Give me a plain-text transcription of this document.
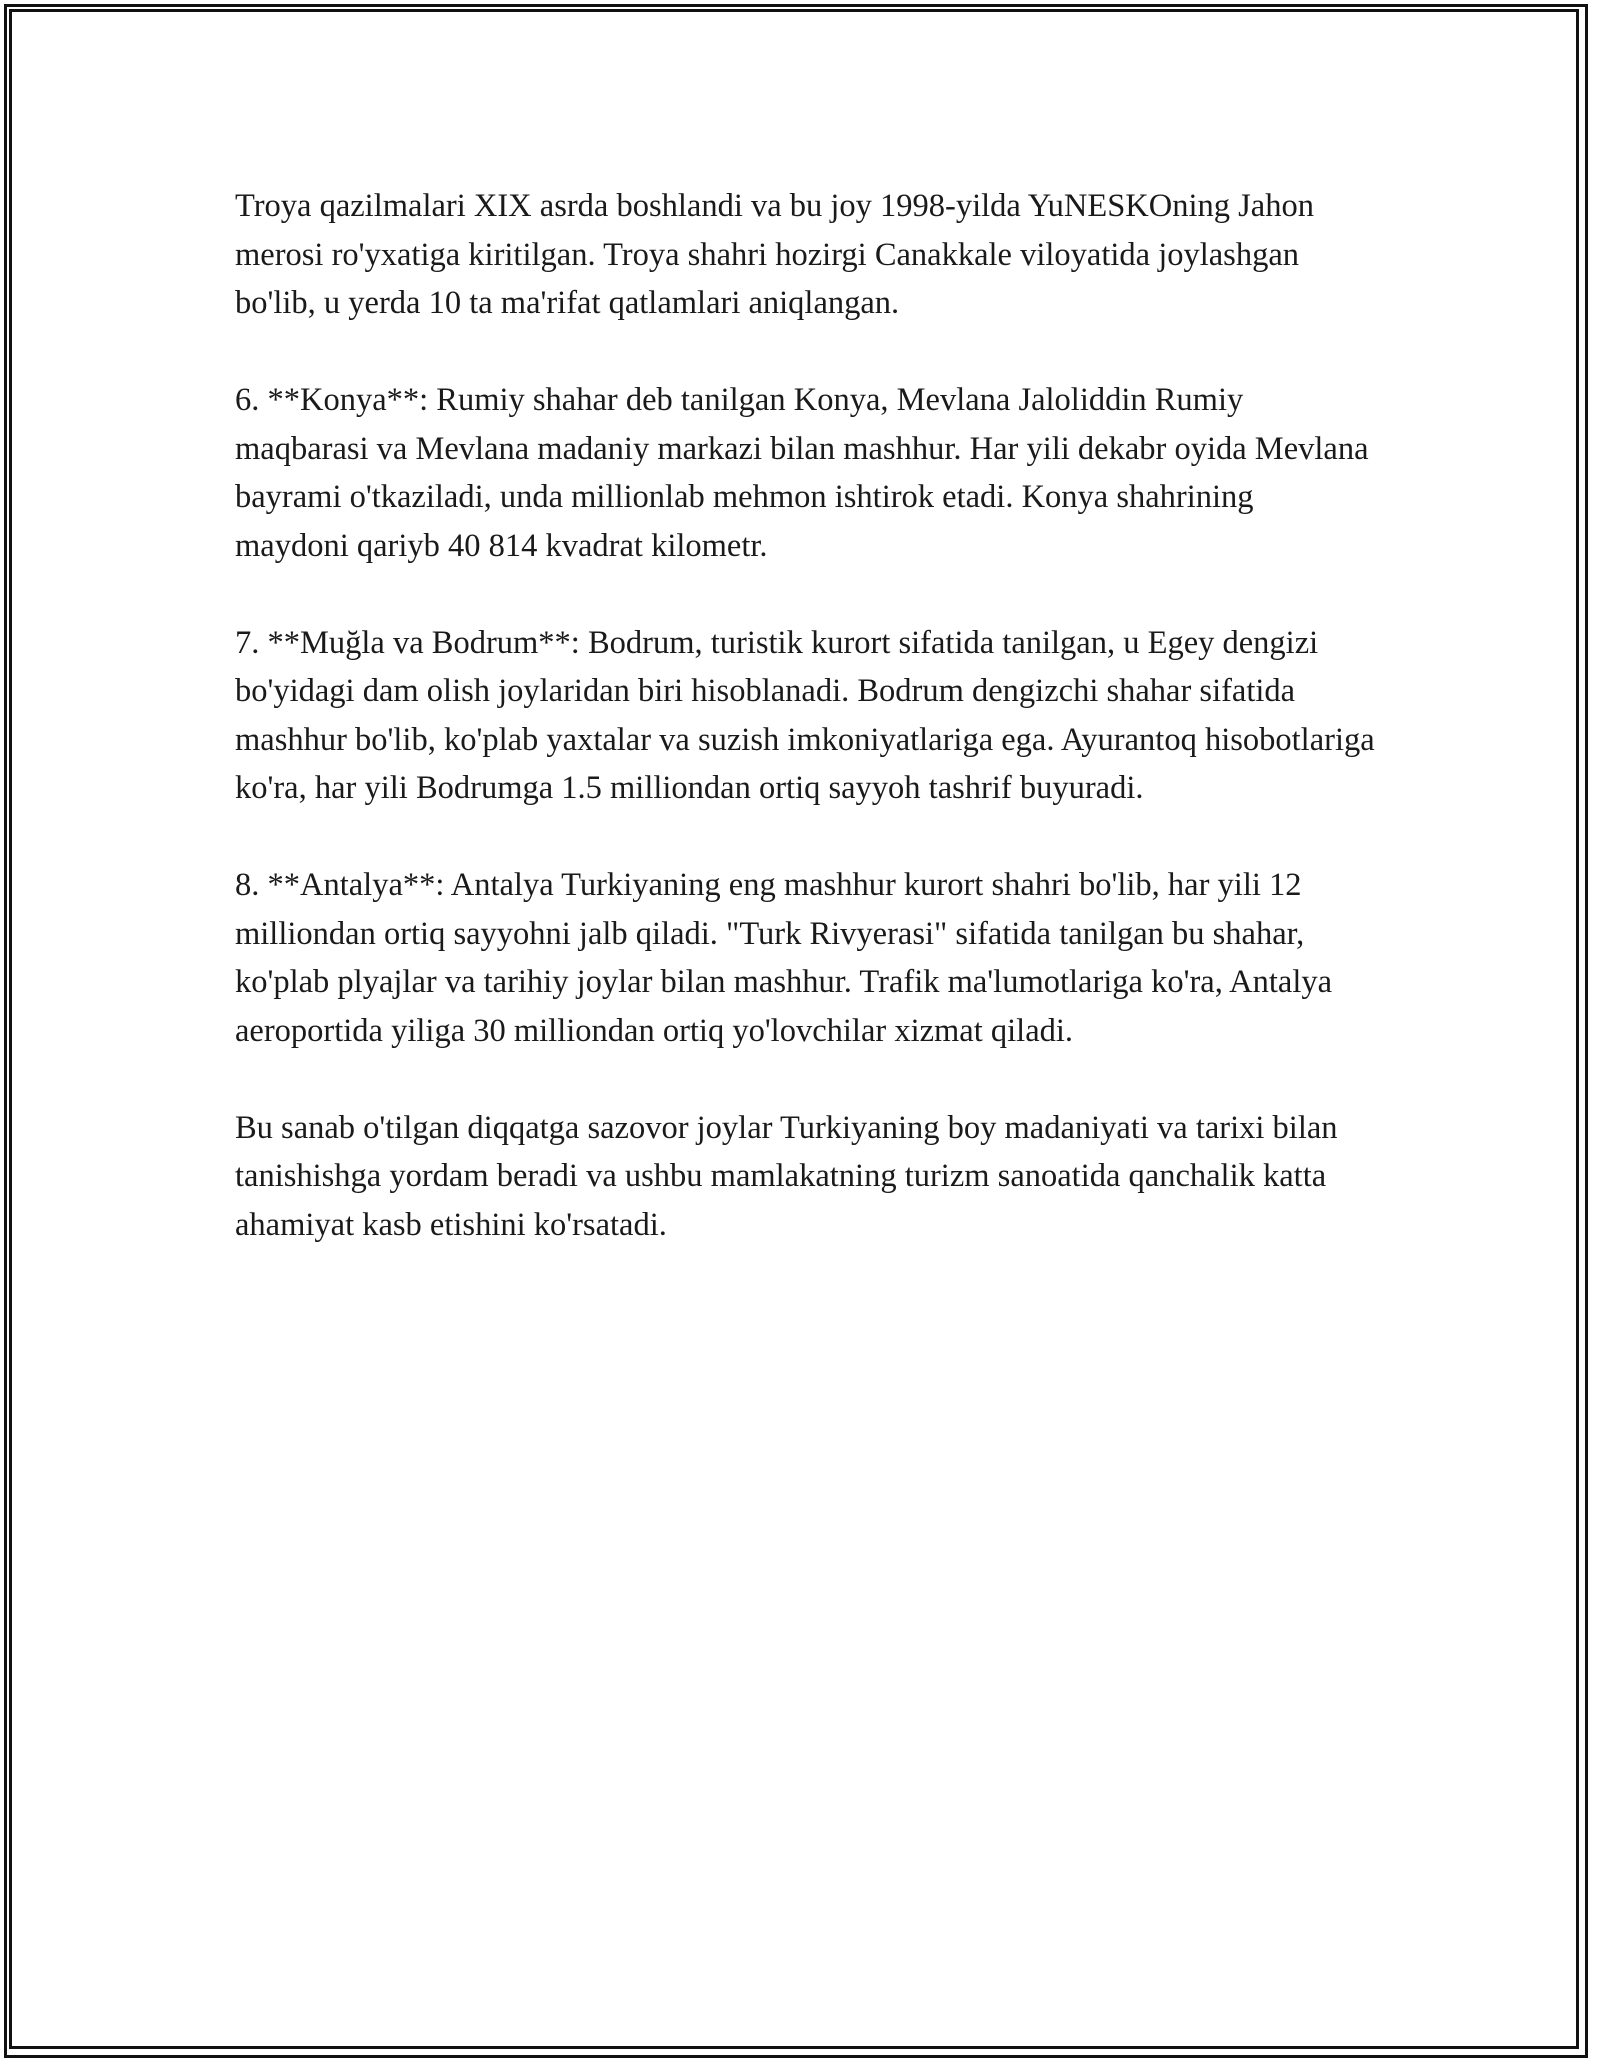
Troya qazilmalari XIX asrda boshlandi va bu joy 1998-yilda YuNESKOning Jahon merosi ro'yxatiga kiritilgan. Troya shahri hozirgi Canakkale viloyatida joylashgan bo'lib, u yerda 10 ta ma'rifat qatlamlari aniqlangan.

6. **Konya**: Rumiy shahar deb tanilgan Konya, Mevlana Jaloliddin Rumiy maqbarasi va Mevlana madaniy markazi bilan mashhur. Har yili dekabr oyida Mevlana bayrami o'tkaziladi, unda millionlab mehmon ishtirok etadi. Konya shahrining maydoni qariyb 40 814 kvadrat kilometr.

7. **Muğla va Bodrum**: Bodrum, turistik kurort sifatida tanilgan, u Egey dengizi bo'yidagi dam olish joylaridan biri hisoblanadi. Bodrum dengizchi shahar sifatida mashhur bo'lib, ko'plab yaxtalar va suzish imkoniyatlariga ega. Ayurantoq hisobotlariga ko'ra, har yili Bodrumga 1.5 milliondan ortiq sayyoh tashrif buyuradi.

8. **Antalya**: Antalya Turkiyaning eng mashhur kurort shahri bo'lib, har yili 12 milliondan ortiq sayyohni jalb qiladi. "Turk Rivyerasi" sifatida tanilgan bu shahar, ko'plab plyajlar va tarihiy joylar bilan mashhur. Trafik ma'lumotlariga ko'ra, Antalya aeroportida yiliga 30 milliondan ortiq yo'lovchilar xizmat qiladi.

Bu sanab o'tilgan diqqatga sazovor joylar Turkiyaning boy madaniyati va tarixi bilan tanishishga yordam beradi va ushbu mamlakatning turizm sanoatida qanchalik katta ahamiyat kasb etishini ko'rsatadi.
